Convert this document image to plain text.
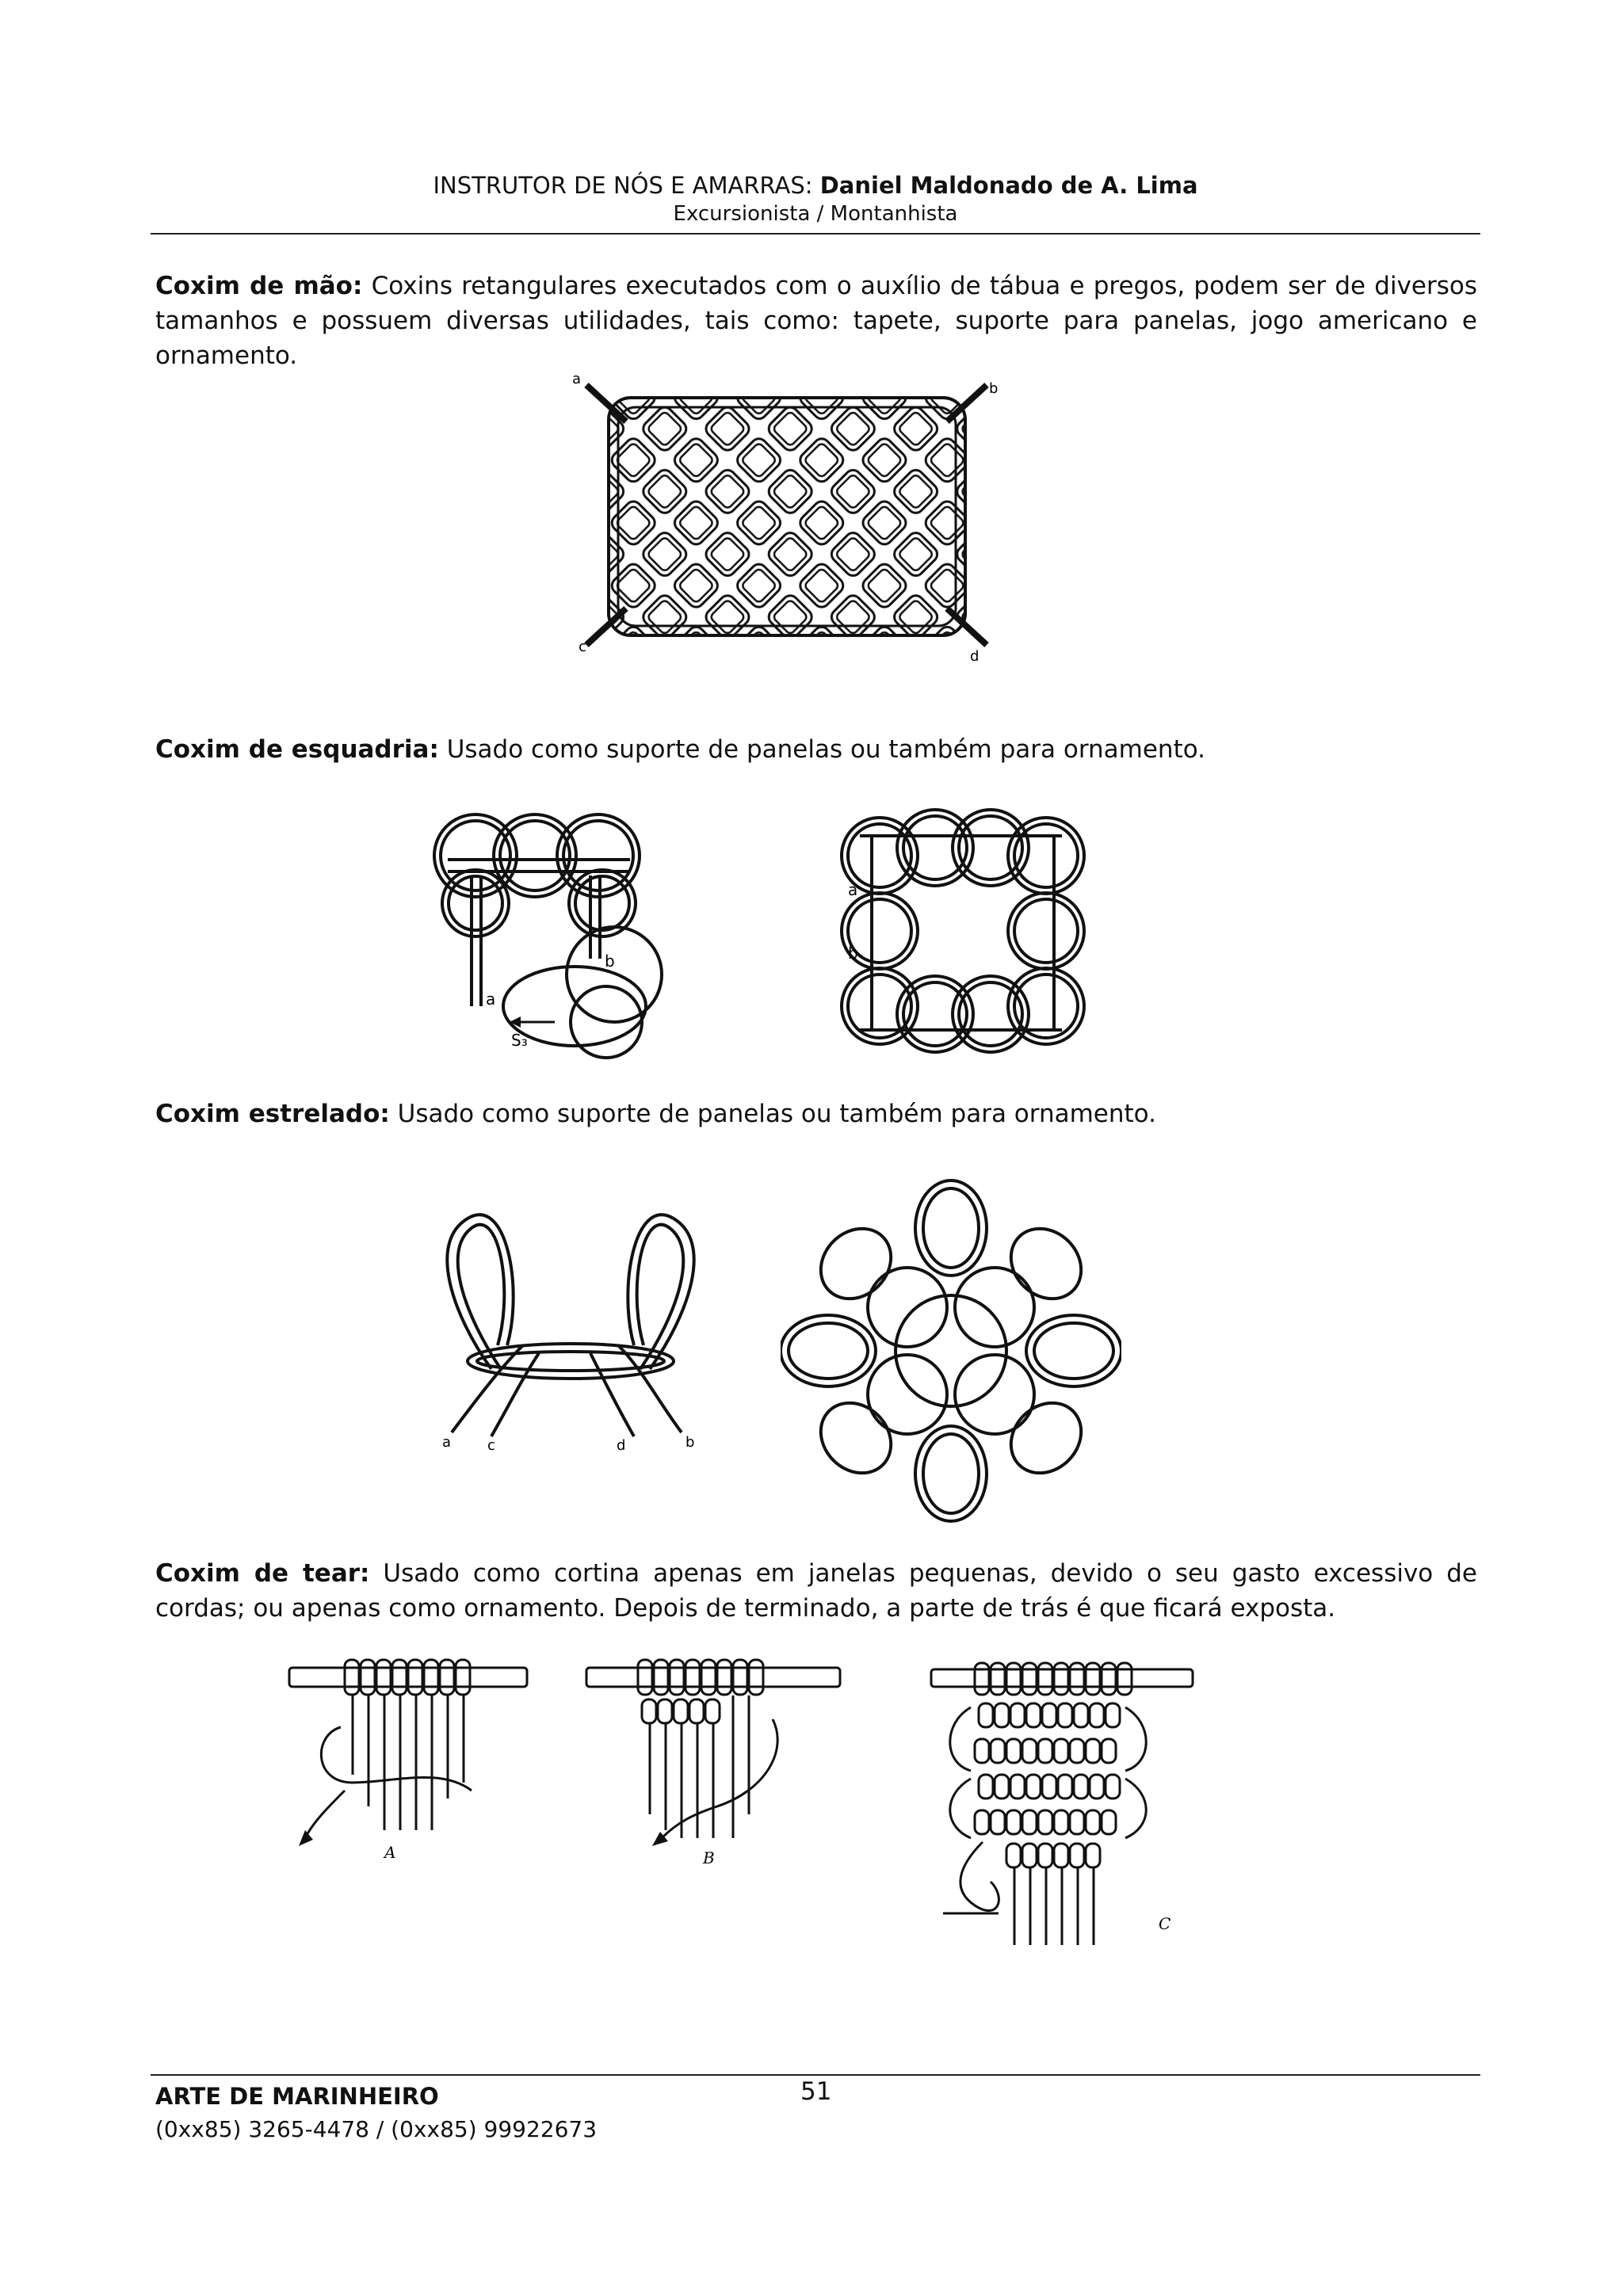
INSTRUTOR DE NÓS E AMARRAS: Daniel Maldonado de A. Lima
Excursionista / Montanhista
Coxim de mão: Coxins retangulares executados com o auxílio de tábua e pregos, podem ser de diversos tamanhos e possuem diversas utilidades, tais como: tapete, suporte para panelas, jogo americano e ornamento.
a
b
c
d
Coxim de esquadria: Usado como suporte de panelas ou também para ornamento.
a
b
S₃
a
b
Coxim estrelado: Usado como suporte de panelas ou também para ornamento.
a	c	d	b
Coxim de tear: Usado como cortina apenas em janelas pequenas, devido o seu gasto excessivo de cordas; ou apenas como ornamento. Depois de terminado, a parte de trás é que ficará exposta.
A	B
C
ARTE DE MARINHEIRO	51
(0xx85) 3265-4478 / (0xx85) 99922673
